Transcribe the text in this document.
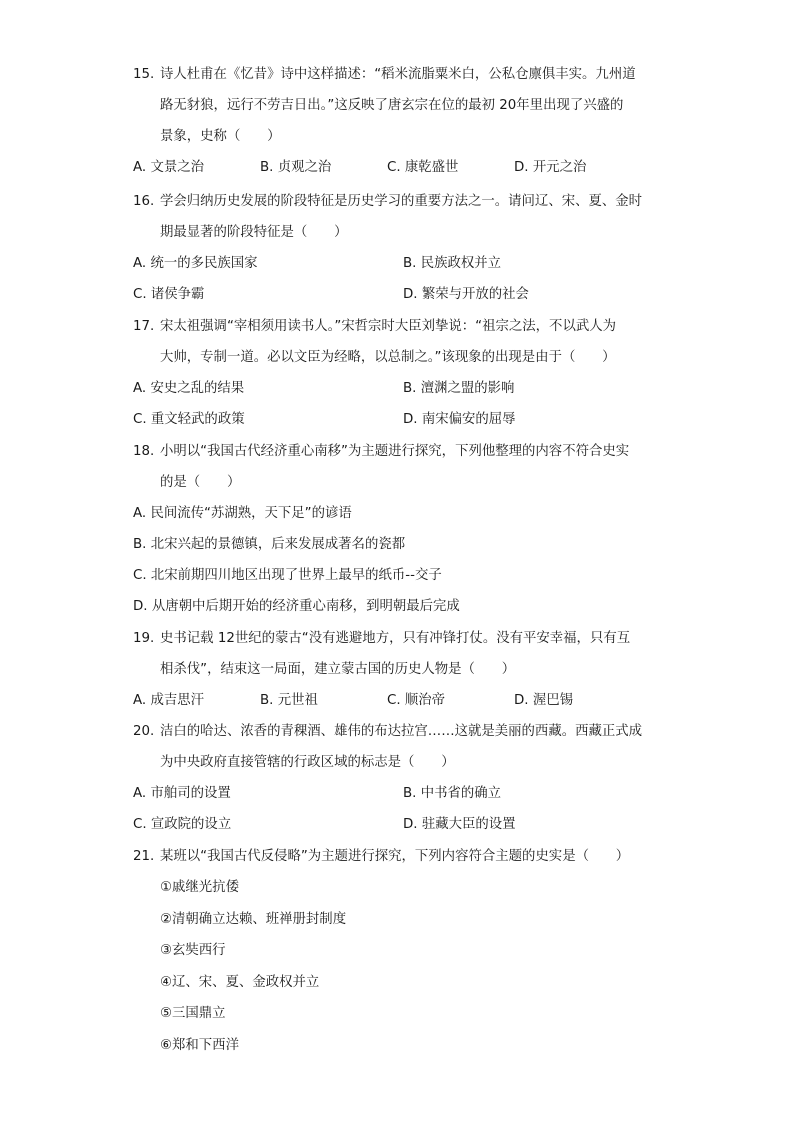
15. 诗人杜甫在《忆昔》诗中这样描述：“稻米流脂粟米白，公私仓廪俱丰实。九州道
路无豺狼，远行不劳吉日出。”这反映了唐玄宗在位的最初 20年里出现了兴盛的
景象，史称（　　）
A. 文景之治	B. 贞观之治	C. 康乾盛世	D. 开元之治
16. 学会归纳历史发展的阶段特征是历史学习的重要方法之一。请问辽、宋、夏、金时
期最显著的阶段特征是（　　）
A. 统一的多民族国家	B. 民族政权并立
C. 诸侯争霸	D. 繁荣与开放的社会
17. 宋太祖强调“宰相须用读书人。”宋哲宗时大臣刘挚说：“祖宗之法，不以武人为
大帅，专制一道。必以文臣为经略，以总制之。”该现象的出现是由于（　　）
A. 安史之乱的结果	B. 澶渊之盟的影响
C. 重文轻武的政策	D. 南宋偏安的屈辱
18. 小明以“我国古代经济重心南移”为主题进行探究，下列他整理的内容不符合史实
的是（　　）
A. 民间流传“苏湖熟，天下足”的谚语
B. 北宋兴起的景德镇，后来发展成著名的瓷都
C. 北宋前期四川地区出现了世界上最早的纸币--交子
D. 从唐朝中后期开始的经济重心南移，到明朝最后完成
19. 史书记载 12世纪的蒙古“没有逃避地方，只有冲锋打仗。没有平安幸福，只有互
相杀伐”，结束这一局面，建立蒙古国的历史人物是（　　）
A. 成吉思汗	B. 元世祖	C. 顺治帝	D. 渥巴锡
20. 洁白的哈达、浓香的青稞酒、雄伟的布达拉宫……这就是美丽的西藏。西藏正式成
为中央政府直接管辖的行政区域的标志是（　　）
A. 市舶司的设置	B. 中书省的确立
C. 宣政院的设立	D. 驻藏大臣的设置
21. 某班以“我国古代反侵略”为主题进行探究，下列内容符合主题的史实是（　　）
①戚继光抗倭
②清朝确立达赖、班禅册封制度
③玄奘西行
④辽、宋、夏、金政权并立
⑤三国鼎立
⑥郑和下西洋
